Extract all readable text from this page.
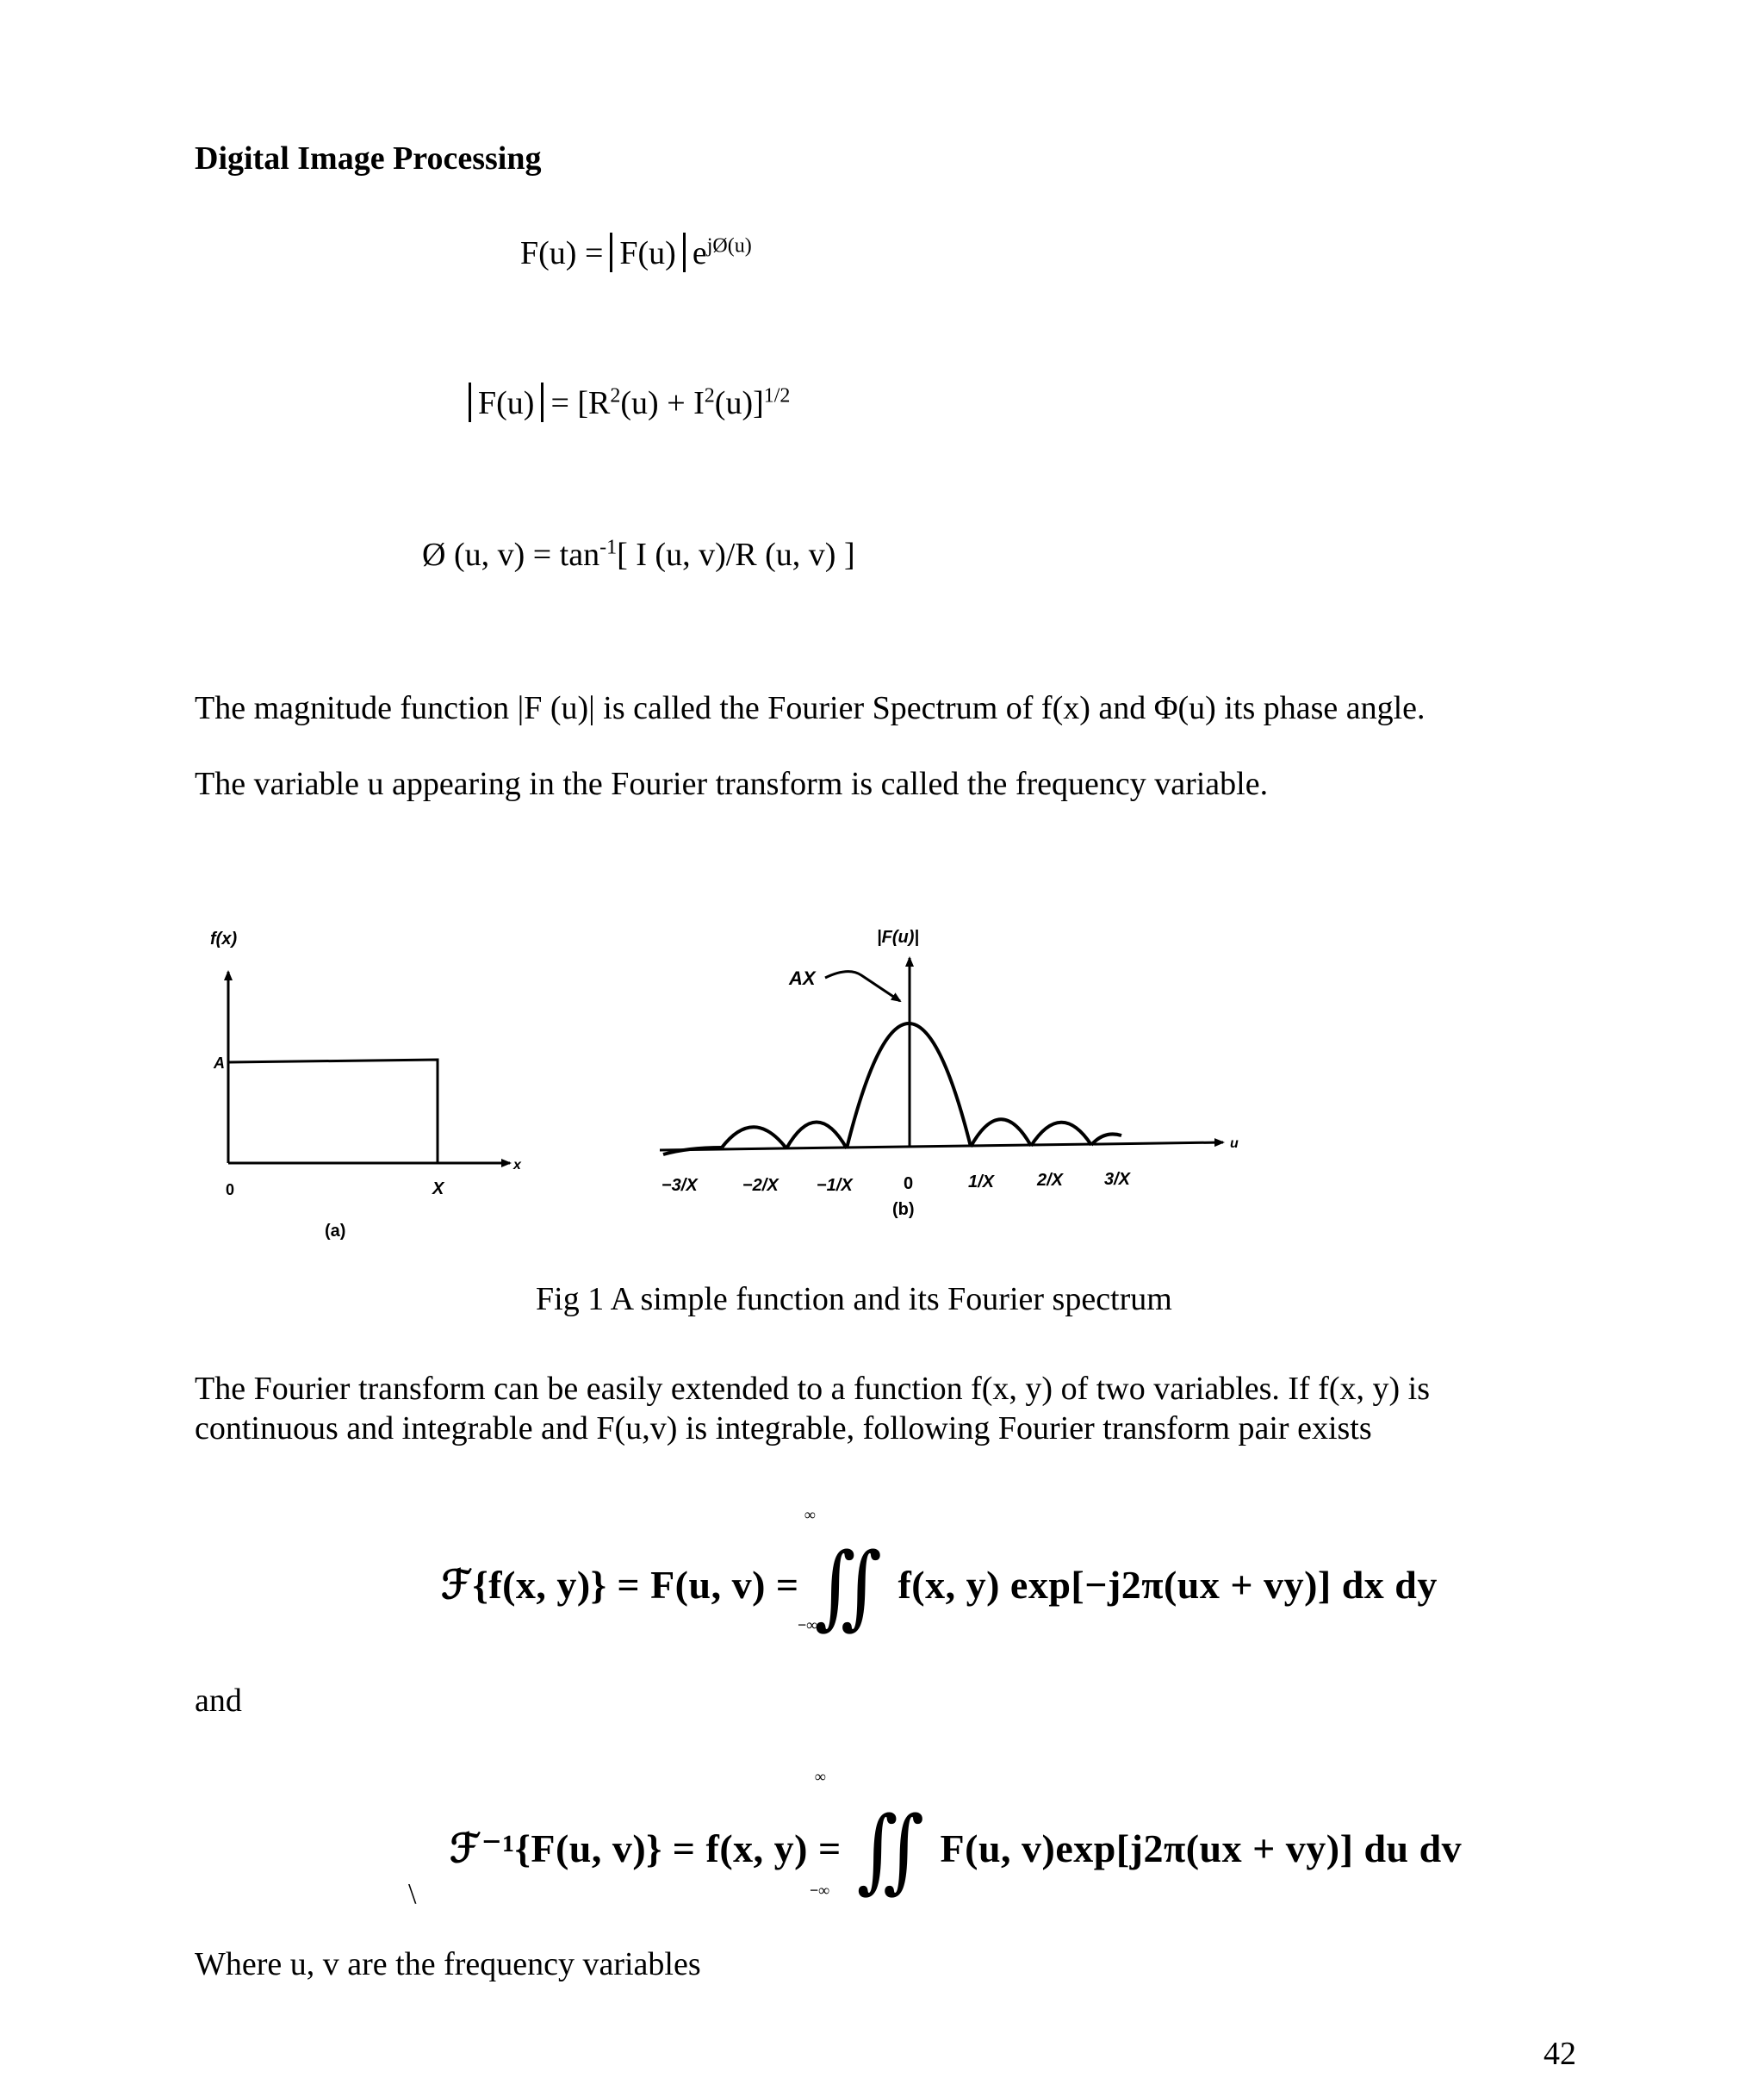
Digital Image Processing
F(u) = F(u) $e^{jØ(u)}$
$F(u) = [R^2(u) + I^2(u)]^{1/2}$
Ø (u, $v) = \tan^{-1}$[ I (u, v)/R (u, v) ]
The magnitude function |F (u)| is called the Fourier Spectrum of f(x) and Φ(u) its phase angle.
The variable u appearing in the Fourier transform is called the frequency variable.
f(x)
A
0	X
x
(a)
|F(u)|
AX
u
−3/X	−2/X −1/X	0	1/X 2/X 3/X
(b)
Fig 1 A simple function and its Fourier spectrum
The Fourier transform can be easily extended to a function f(x, y) of two variables. If f(x, y) is
continuous and integrable and F(u,v) is integrable, following Fourier transform pair exists
ℱ{f(x, y)} = F(u, v) = ∬ f(x, y) exp[−j2π(ux + vy)] dx dy
∞
−∞
and
ℱ⁻¹{F(u, v)} = f(x, y) = ∬ F(u, v)exp[j2π(ux + vy)] du dv
∞
−∞
\
Where u, v are the frequency variables
42
